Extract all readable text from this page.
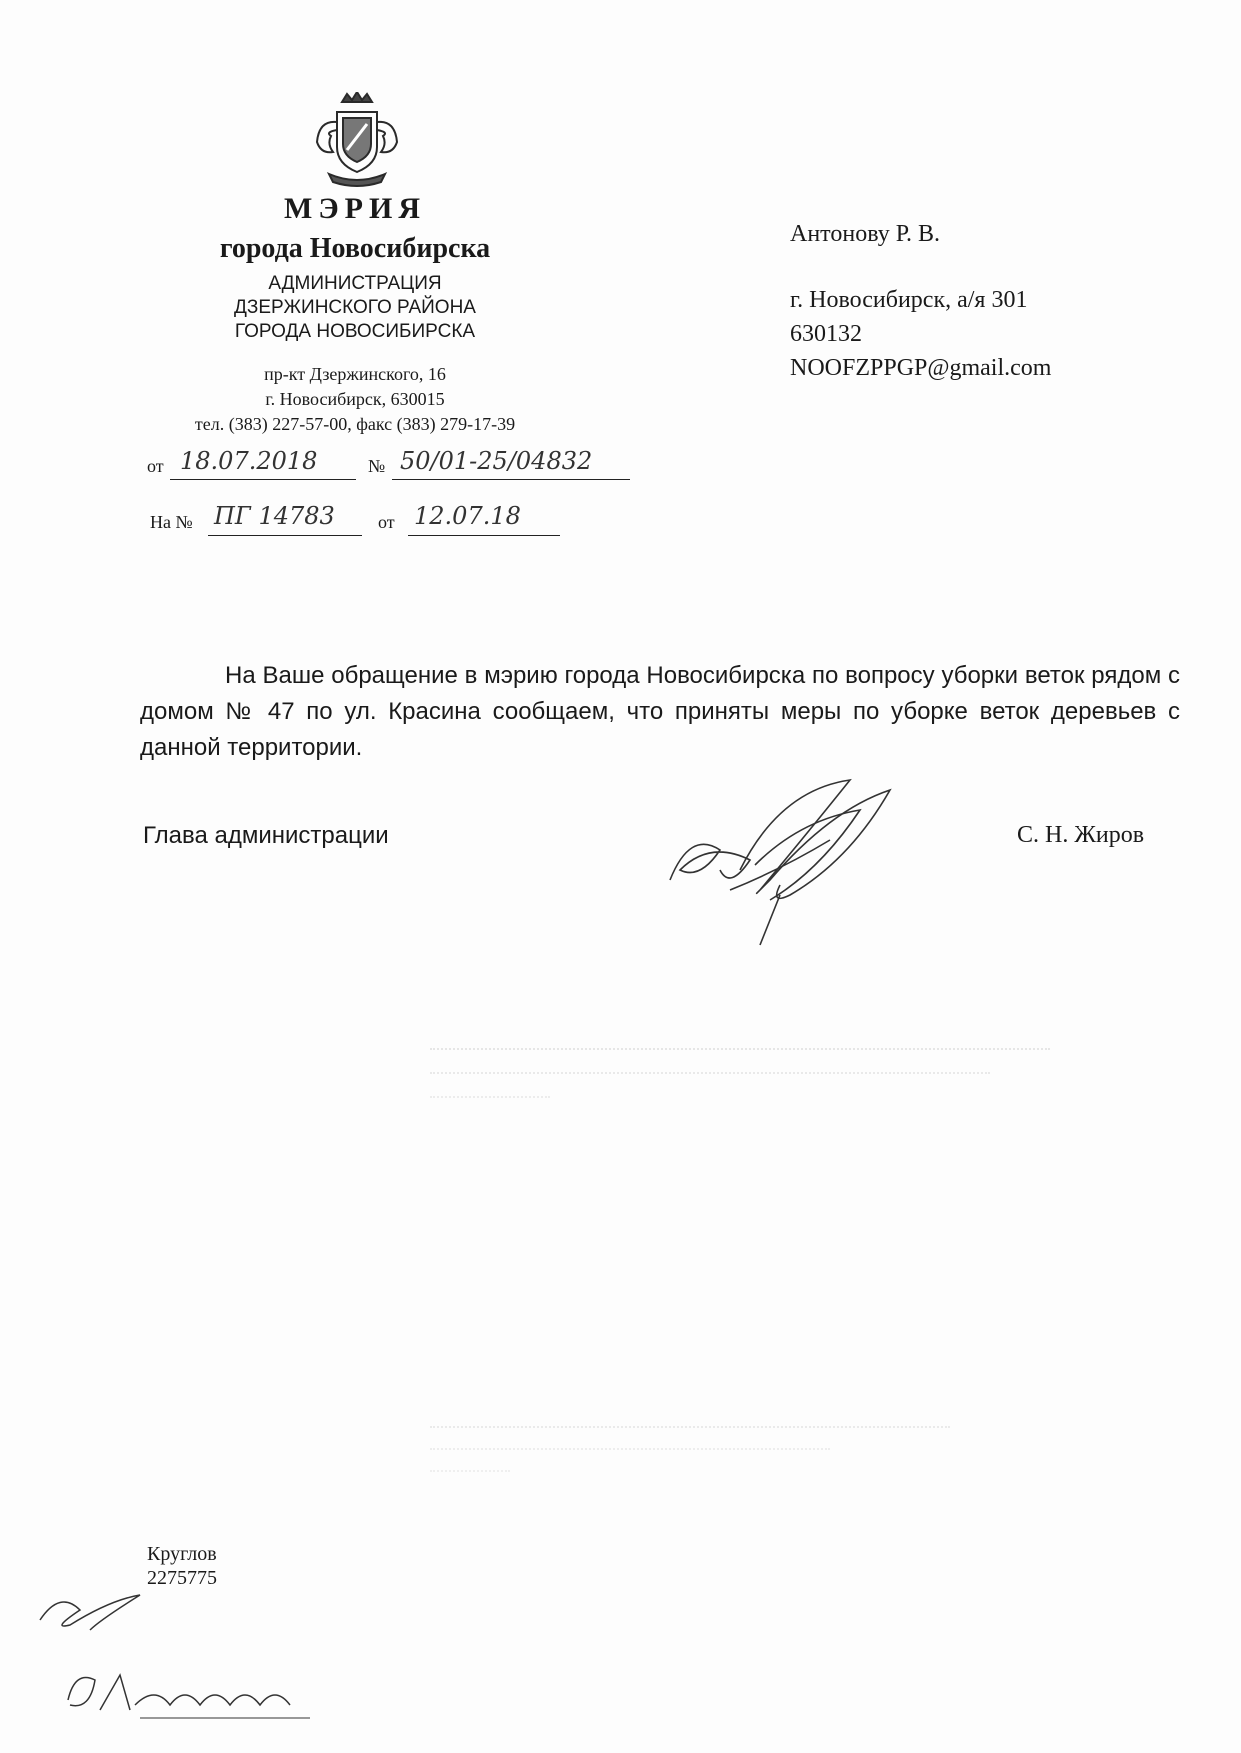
МЭРИЯ
города Новосибирска
АДМИНИСТРАЦИЯ
ДЗЕРЖИНСКОГО РАЙОНА
ГОРОДА НОВОСИБИРСКА
пр-кт Дзержинского, 16
г. Новосибирск, 630015
тел. (383) 227-57-00, факс (383) 279-17-39
от 18.07.2018	№ 50/01-25/04832
На № ПГ 14783 от 12.07.18
Антонову Р. В.
г. Новосибирск, а/я 301
630132
NOOFZPPGP@gmail.com
На Ваше обращение в мэрию города Новосибирска по вопросу уборки веток рядом с домом № 47 по ул. Красина сообщаем, что приняты меры по уборке веток деревьев с данной территории.
Глава администрации	С. Н. Жиров
Круглов
2275775
